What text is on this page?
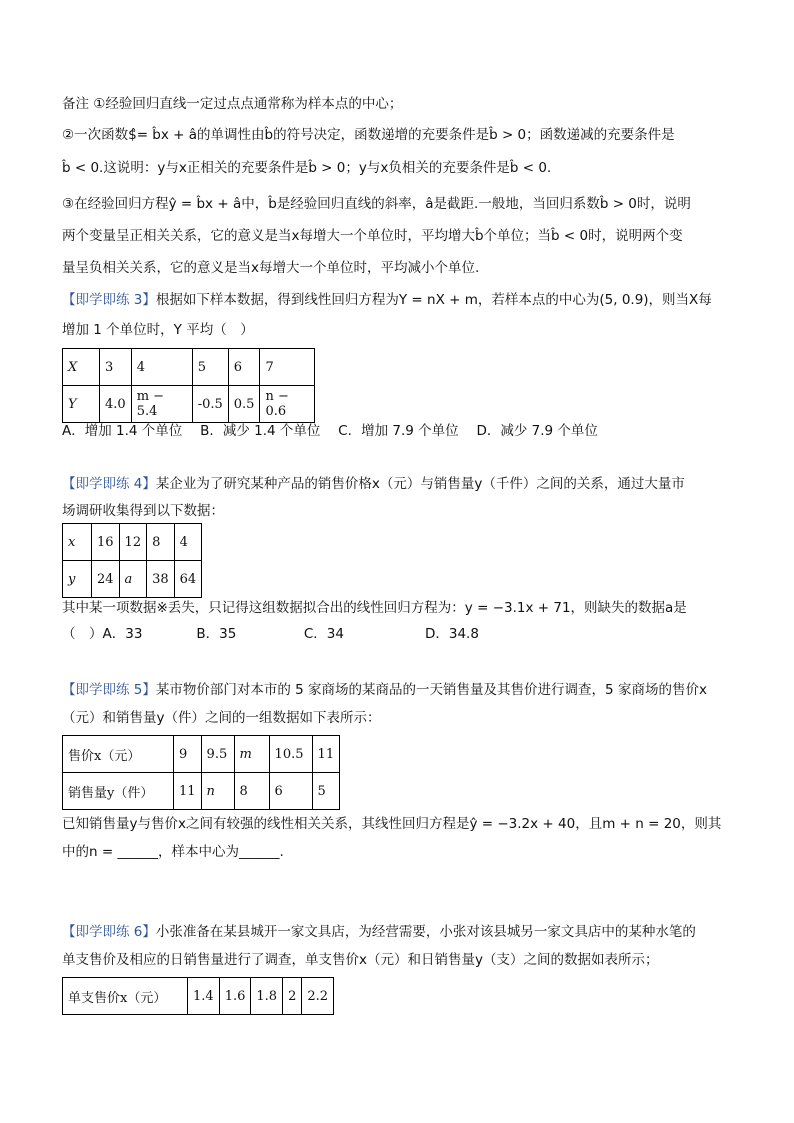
备注 ①经验回归直线一定过点点通常称为样本点的中心；
②一次函数$̂= b̂x + â的单调性由b̂的符号决定，函数递增的充要条件是b̂ > 0；函数递减的充要条件是
b̂ < 0.这说明：y与x正相关的充要条件是b̂ > 0；y与x负相关的充要条件是b̂ < 0.
③在经验回归方程ŷ = b̂x + â中，b̂是经验回归直线的斜率，â是截距.一般地，当回归系数b̂ > 0时，说明
两个变量呈正相关关系，它的意义是当x每增大一个单位时，平均增大b̂个单位；当b̂ < 0时，说明两个变
量呈负相关关系，它的意义是当x每增大一个单位时，平均减小个单位.
【即学即练 3】根据如下样本数据，得到线性回归方程为Y = nX + m，若样本点的中心为(5, 0.9)，则当X每
增加 1 个单位时，Y 平均（　）
X	3	4	5	6	7
Y	4.0	m − 5.4	-0.5	0.5	n − 0.6
A．增加 1.4 个单位　 B．减少 1.4 个单位　 C．增加 7.9 个单位　 D．减少 7.9 个单位
【即学即练 4】某企业为了研究某种产品的销售价格x（元）与销售量y（千件）之间的关系，通过大量市
场调研收集得到以下数据：
x	16	12	8	4
y	24	a	38	64
其中某一项数据※丢失，只记得这组数据拟合出的线性回归方程为：y = −3.1x + 71，则缺失的数据a是
（　）A．33　　　　B．35　　　　　C．34　　　　　　D．34.8
【即学即练 5】某市物价部门对本市的 5 家商场的某商品的一天销售量及其售价进行调查，5 家商场的售价x
（元）和销售量y（件）之间的一组数据如下表所示：
售价x（元）	9	9.5	m	10.5	11
销售量y（件）	11	n	8	6	5
已知销售量y与售价x之间有较强的线性相关关系，其线性回归方程是ŷ = −3.2x + 40，且m + n = 20，则其
中的n = ______，样本中心为______.
【即学即练 6】小张准备在某县城开一家文具店，为经营需要，小张对该县城另一家文具店中的某种水笔的
单支售价及相应的日销售量进行了调查，单支售价x（元）和日销售量y（支）之间的数据如表所示；
单支售价x（元）	1.4	1.6	1.8	2	2.2
